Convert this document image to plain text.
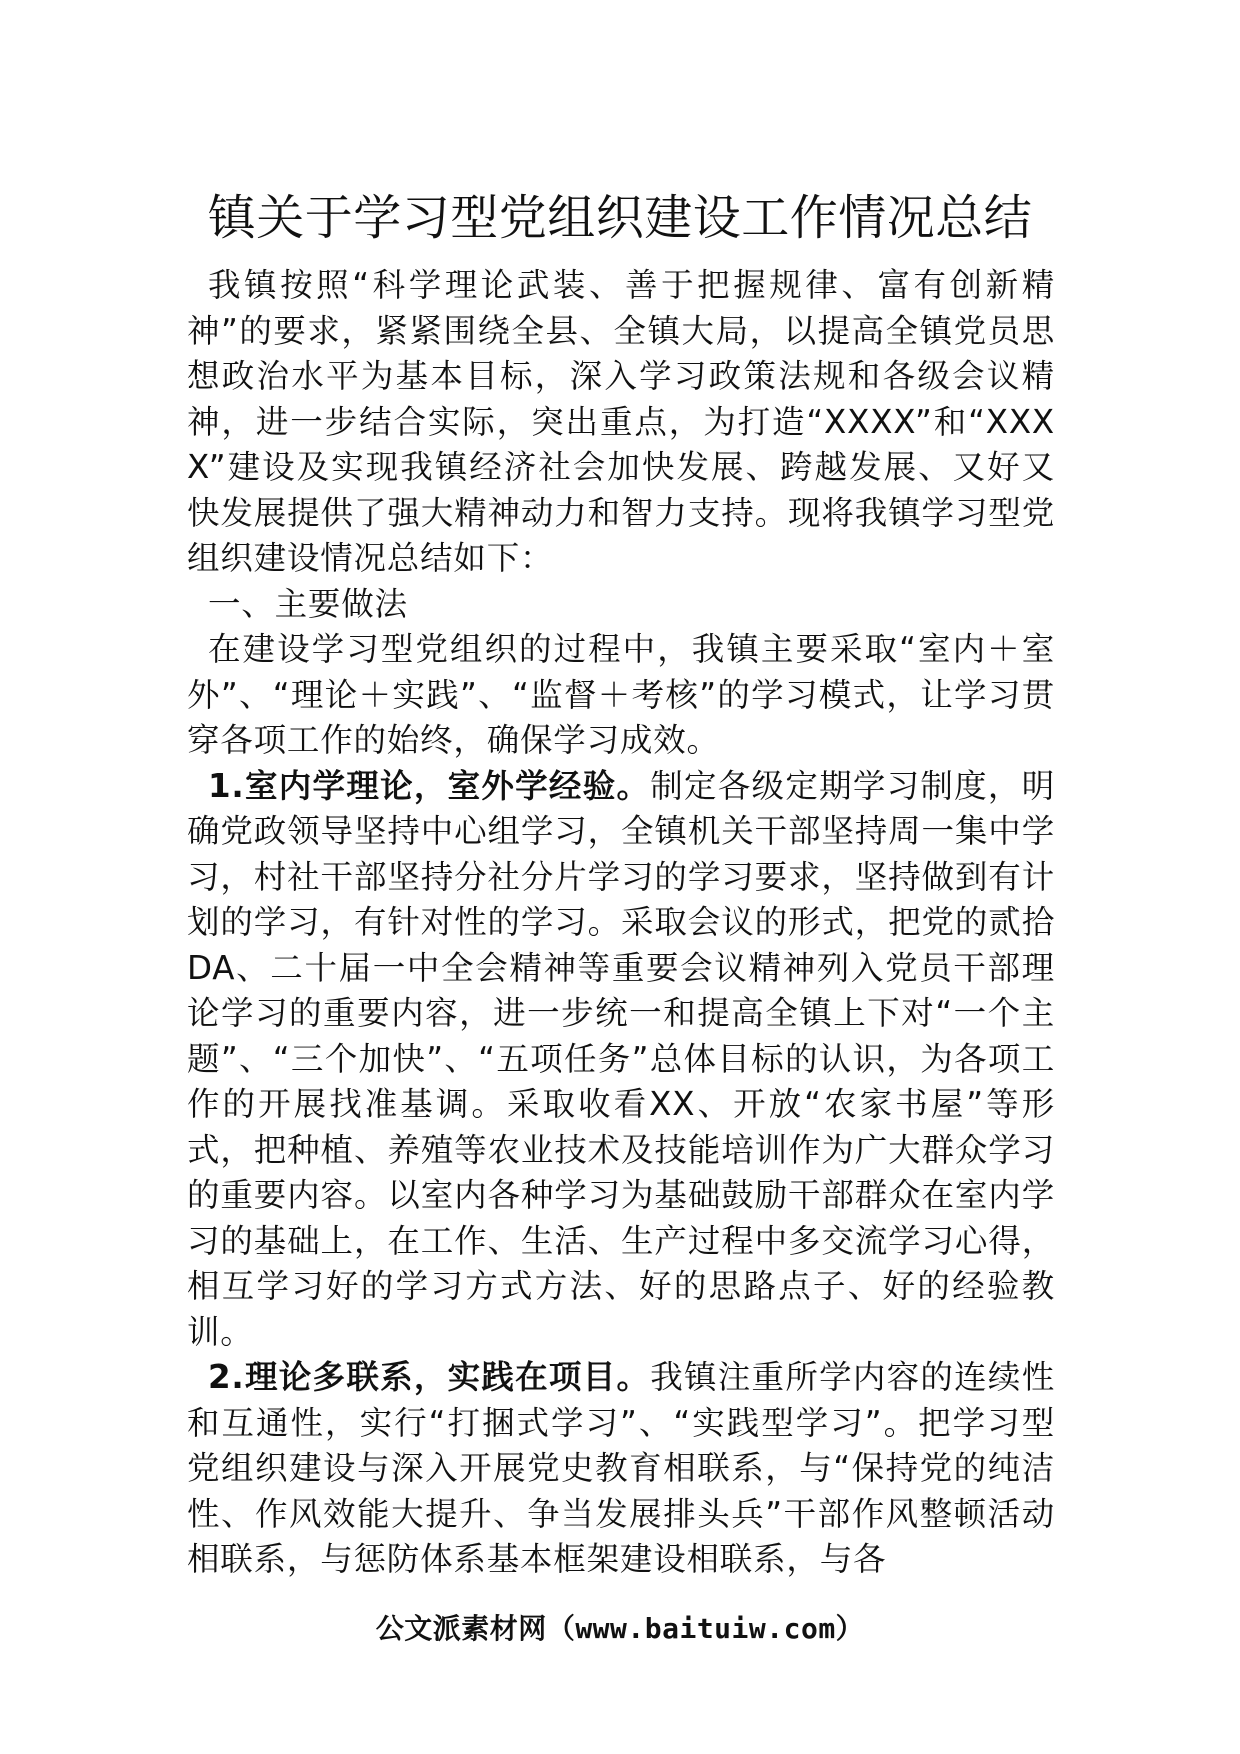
镇关于学习型党组织建设工作情况总结

我镇按照“科学理论武装、善于把握规律、富有创新精神”的要求，紧紧围绕全县、全镇大局，以提高全镇党员思想政治水平为基本目标，深入学习政策法规和各级会议精神，进一步结合实际，突出重点，为打造“XXXX”和“XXXX”建设及实现我镇经济社会加快发展、跨越发展、又好又快发展提供了强大精神动力和智力支持。现将我镇学习型党组织建设情况总结如下：

一、主要做法

在建设学习型党组织的过程中，我镇主要采取“室内＋室外”、“理论＋实践”、“监督＋考核”的学习模式，让学习贯穿各项工作的始终，确保学习成效。

1.室内学理论，室外学经验。制定各级定期学习制度，明确党政领导坚持中心组学习，全镇机关干部坚持周一集中学习，村社干部坚持分社分片学习的学习要求，坚持做到有计划的学习，有针对性的学习。采取会议的形式，把党的贰拾DA、二十届一中全会精神等重要会议精神列入党员干部理论学习的重要内容，进一步统一和提高全镇上下对“一个主题”、“三个加快”、“五项任务”总体目标的认识，为各项工作的开展找准基调。采取收看XX、开放“农家书屋”等形式，把种植、养殖等农业技术及技能培训作为广大群众学习的重要内容。以室内各种学习为基础鼓励干部群众在室内学习的基础上，在工作、生活、生产过程中多交流学习心得，相互学习好的学习方式方法、好的思路点子、好的经验教训。

2.理论多联系，实践在项目。我镇注重所学内容的连续性和互通性，实行“打捆式学习”、“实践型学习”。把学习型党组织建设与深入开展党史教育相联系，与“保持党的纯洁性、作风效能大提升、争当发展排头兵”干部作风整顿活动相联系，与惩防体系基本框架建设相联系，与各

公文派素材网（www.baituiw.com）
